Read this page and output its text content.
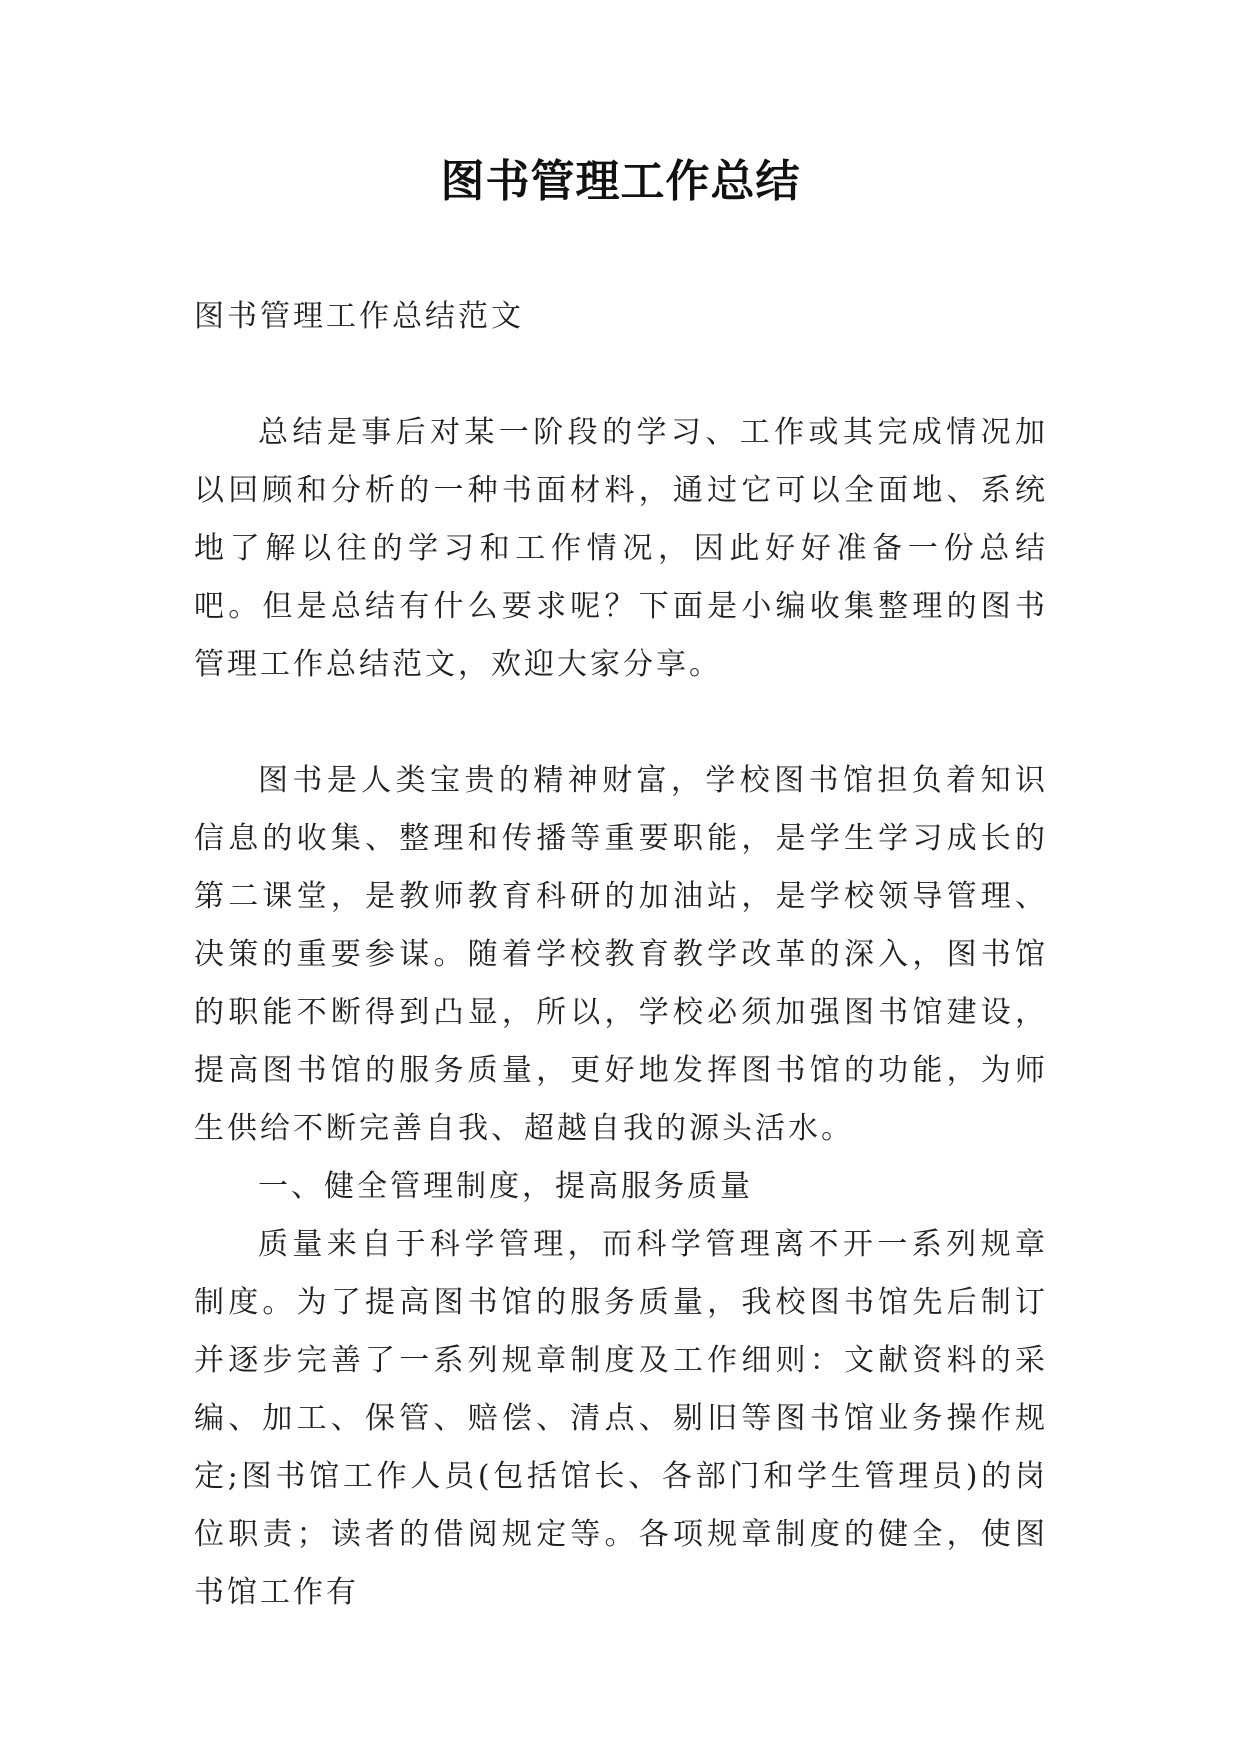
图书管理工作总结

图书管理工作总结范文

总结是事后对某一阶段的学习、工作或其完成情况加以回顾和分析的一种书面材料，通过它可以全面地、系统地了解以往的学习和工作情况，因此好好准备一份总结吧。但是总结有什么要求呢？下面是小编收集整理的图书管理工作总结范文，欢迎大家分享。

图书是人类宝贵的精神财富，学校图书馆担负着知识信息的收集、整理和传播等重要职能，是学生学习成长的第二课堂，是教师教育科研的加油站，是学校领导管理、决策的重要参谋。随着学校教育教学改革的深入，图书馆的职能不断得到凸显，所以，学校必须加强图书馆建设，提高图书馆的服务质量，更好地发挥图书馆的功能，为师生供给不断完善自我、超越自我的源头活水。

一、健全管理制度，提高服务质量

质量来自于科学管理，而科学管理离不开一系列规章制度。为了提高图书馆的服务质量，我校图书馆先后制订并逐步完善了一系列规章制度及工作细则：文献资料的采编、加工、保管、赔偿、清点、剔旧等图书馆业务操作规定;图书馆工作人员(包括馆长、各部门和学生管理员)的岗位职责；读者的借阅规定等。各项规章制度的健全，使图书馆工作有
